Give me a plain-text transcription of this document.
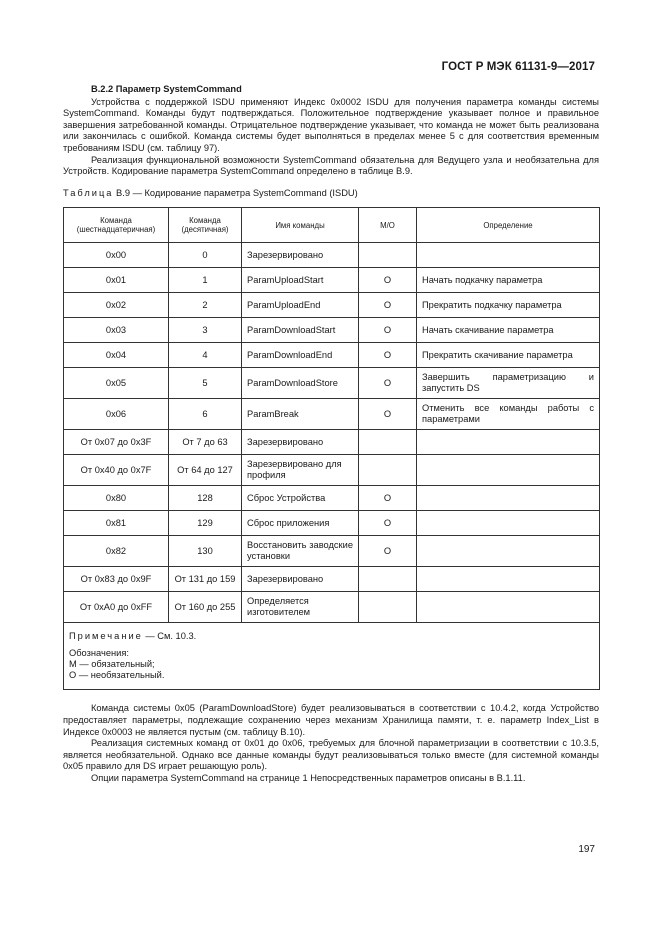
ГОСТ Р МЭК 61131-9—2017
B.2.2 Параметр SystemCommand

Устройства с поддержкой ISDU применяют Индекс 0x0002 ISDU для получения параметра команды системы SystemCommand. Команды будут подтверждаться. Положительное подтверждение указывает полное и правильное завершения затребованной команды. Отрицательное подтверждение указывает, что команда не может быть реализована или закончилась с ошибкой. Команда системы будет выполняться в пределах менее 5 с для соответствия временным требованиям ISDU (см. таблицу 97).

Реализация функциональной возможности SystemCommand обязательна для Ведущего узла и необязательна для Устройств. Кодирование параметра SystemCommand определено в таблице B.9.

Таблица B.9 — Кодирование параметра SystemCommand (ISDU)
Команда (шестнадцатеричная)	Команда (десятичная)	Имя команды	M/O	Определение
0x00	0	Зарезервировано		
0x01	1	ParamUploadStart	O	Начать подкачку параметра
0x02	2	ParamUploadEnd	O	Прекратить подкачку параметра
0x03	3	ParamDownloadStart	O	Начать скачивание параметра
0x04	4	ParamDownloadEnd	O	Прекратить скачивание параметра
0x05	5	ParamDownloadStore	O	Завершить параметризацию и запустить DS
0x06	6	ParamBreak	O	Отменить все команды работы с параметрами
От 0x07 до 0x3F	От 7 до 63	Зарезервировано		
От 0x40 до 0x7F	От 64 до 127	Зарезервировано для профиля		
0x80	128	Сброс Устройства	O	
0x81	129	Сброс приложения	O	
0x82	130	Восстановить заводские установки	O	
От 0x83 до 0x9F	От 131 до 159	Зарезервировано		
От 0xA0 до 0xFF	От 160 до 255	Определяется изготовителем		

Примечание — См. 10.3.
Обозначения:
M — обязательный;
O — необязательный.				

Команда системы 0x05 (ParamDownloadStore) будет реализовываться в соответствии с 10.4.2, когда Устройство предоставляет параметры, подлежащие сохранению через механизм Хранилища памяти, т. е. параметр Index_List в Индексе 0x0003 не является пустым (см. таблицу B.10).

Реализация системных команд от 0x01 до 0x06, требуемых для блочной параметризации в соответствии с 10.3.5, является необязательной. Однако все данные команды будут реализовываться только вместе (для системной команды 0x05 правило для DS играет решающую роль).

Опции параметра SystemCommand на странице 1 Непосредственных параметров описаны в B.1.11.

197
